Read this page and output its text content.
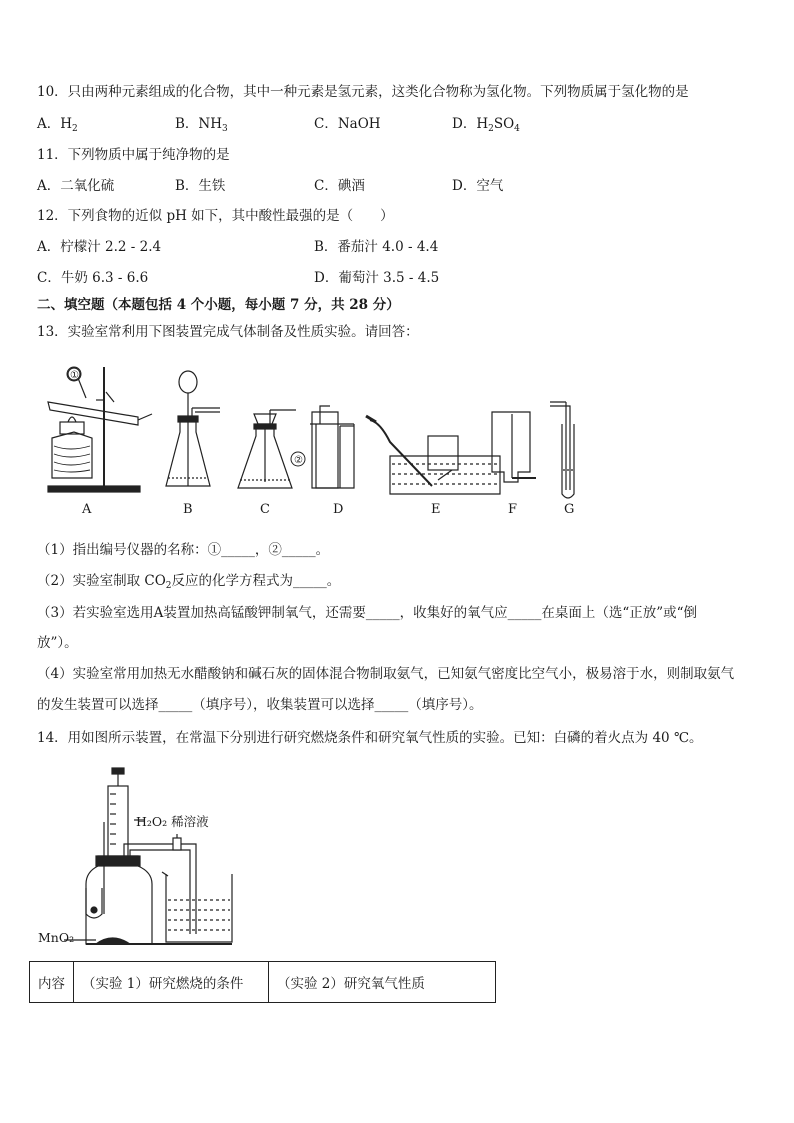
10．只由两种元素组成的化合物，其中一种元素是氢元素，这类化合物称为氢化物。下列物质属于氢化物的是
A．$H_2$	B．$NH_3$	C．NaOH	D．$H_2SO_4$
11．下列物质中属于纯净物的是
A．二氧化硫	B．生铁	C．碘酒	D．空气
12．下列食物的近似 pH 如下，其中酸性最强的是（　　）
A．柠檬汁 2.2 - 2.4	B．番茄汁 4.0 - 4.4
C．牛奶 6.3 - 6.6	D．葡萄汁 3.5 - 4.5
二、填空题（本题包括 4 个小题，每小题 7 分，共 28 分）
13．实验室常利用下图装置完成气体制备及性质实验。请回答：
②
①
A	B	C	D	E	F	G
（1）指出编号仪器的名称：①_____，②_____。
（2）实验室制取 $CO_2$反应的化学方程式为_____。
（3）若实验室选用A装置加热高锰酸钾制氧气，还需要_____，收集好的氧气应_____在桌面上（选“正放”或“倒
放”）。
（4）实验室常用加热无水醋酸钠和碱石灰的固体混合物制取氨气，已知氨气密度比空气小，极易溶于水，则制取氨气
的发生装置可以选择_____（填序号），收集装置可以选择_____（填序号）。
14．用如图所示装置，在常温下分别进行研究燃烧条件和研究氧气性质的实验。已知：白磷的着火点为 40 ℃。
H₂O₂ 稀溶液
MnO₂
内容	（实验 1）研究燃烧的条件	（实验 2）研究氧气性质
